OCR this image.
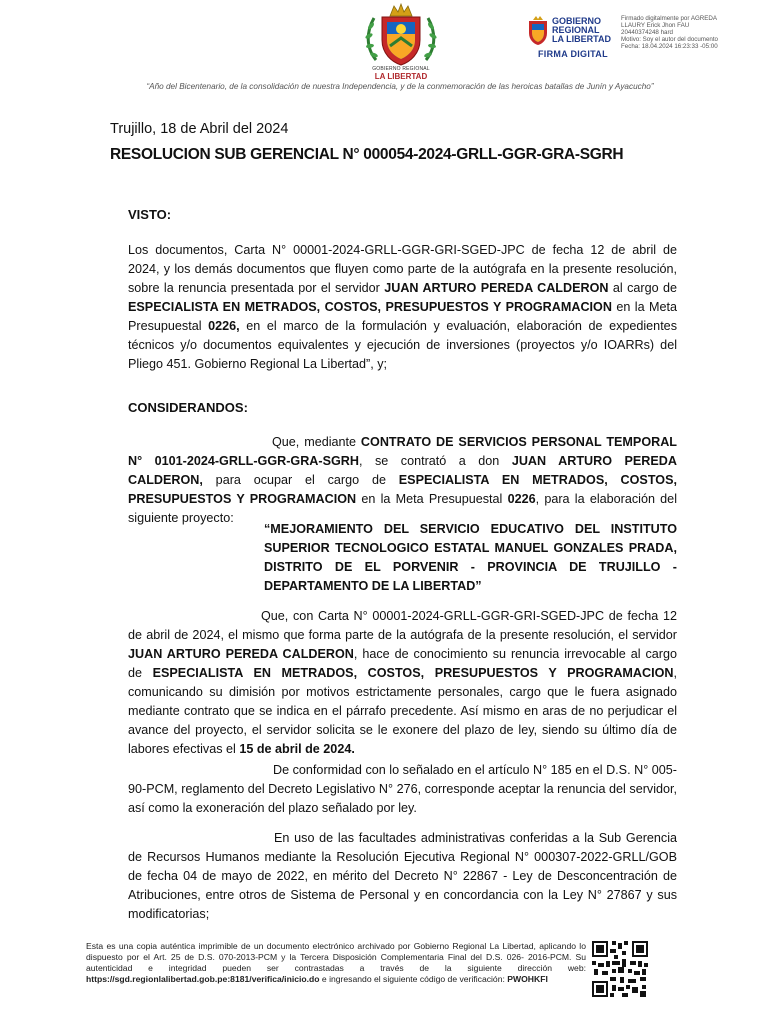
GOBIERNO REGIONAL
LA LIBERTAD
GOBIERNO
REGIONAL
LA LIBERTAD
FIRMA DIGITAL
Firmado digitalmente por AGREDA
LLAURY Erick Jhon FAU
20440374248 hard
Motivo: Soy el autor del documento
Fecha: 18.04.2024 16:23:33 -05:00
“Año del Bicentenario, de la consolidación de nuestra Independencia, y de la conmemoración de las heroicas batallas de Junín y Ayacucho”
Trujillo, 18 de Abril del 2024
RESOLUCION SUB GERENCIAL N° 000054-2024-GRLL-GGR-GRA-SGRH
VISTO:
Los documentos, Carta N° 00001-2024-GRLL-GGR-GRI-SGED-JPC de fecha 12 de abril de 2024, y los demás documentos que fluyen como parte de la autógrafa en la presente resolución, sobre la renuncia presentada por el servidor JUAN ARTURO PEREDA CALDERON al cargo de ESPECIALISTA EN METRADOS, COSTOS, PRESUPUESTOS Y PROGRAMACION en la Meta Presupuestal 0226, en el marco de la formulación y evaluación, elaboración de expedientes técnicos y/o documentos equivalentes y ejecución de inversiones (proyectos y/o IOARRs) del Pliego 451. Gobierno Regional La Libertad”, y;
CONSIDERANDOS:
Que, mediante CONTRATO DE SERVICIOS PERSONAL TEMPORAL N° 0101-2024-GRLL-GGR-GRA-SGRH, se contrató a don JUAN ARTURO PEREDA CALDERON, para ocupar el cargo de ESPECIALISTA EN METRADOS, COSTOS, PRESUPUESTOS Y PROGRAMACION en la Meta Presupuestal 0226, para la elaboración del siguiente proyecto:
“MEJORAMIENTO DEL SERVICIO EDUCATIVO DEL INSTITUTO SUPERIOR TECNOLOGICO ESTATAL MANUEL GONZALES PRADA, DISTRITO DE EL PORVENIR - PROVINCIA DE TRUJILLO - DEPARTAMENTO DE LA LIBERTAD”
Que, con Carta N° 00001-2024-GRLL-GGR-GRI-SGED-JPC de fecha 12 de abril de 2024, el mismo que forma parte de la autógrafa de la presente resolución, el servidor JUAN ARTURO PEREDA CALDERON, hace de conocimiento su renuncia irrevocable al cargo de ESPECIALISTA EN METRADOS, COSTOS, PRESUPUESTOS Y PROGRAMACION, comunicando su dimisión por motivos estrictamente personales, cargo que le fuera asignado mediante contrato que se indica en el párrafo precedente. Así mismo en aras de no perjudicar el avance del proyecto, el servidor solicita se le exonere del plazo de ley, siendo su último día de labores efectivas el 15 de abril de 2024.
De conformidad con lo señalado en el artículo N° 185 en el D.S. N° 005- 90-PCM, reglamento del Decreto Legislativo N° 276, corresponde aceptar la renuncia del servidor, así como la exoneración del plazo señalado por ley.
En uso de las facultades administrativas conferidas a la Sub Gerencia de Recursos Humanos mediante la Resolución Ejecutiva Regional N° 000307-2022-GRLL/GOB de fecha 04 de mayo de 2022, en mérito del Decreto N° 22867 - Ley de Desconcentración de Atribuciones, entre otros de Sistema de Personal y en concordancia con la Ley N° 27867 y sus modificatorias;
Esta es una copia auténtica imprimible de un documento electrónico archivado por Gobierno Regional La Libertad, aplicando lo dispuesto por el Art. 25 de D.S. 070-2013-PCM y la Tercera Disposición Complementaria Final del D.S. 026- 2016-PCM. Su autenticidad e integridad pueden ser contrastadas a través de la siguiente dirección web: https://sgd.regionlalibertad.gob.pe:8181/verifica/inicio.do e ingresando el siguiente código de verificación: PWOHKFI
